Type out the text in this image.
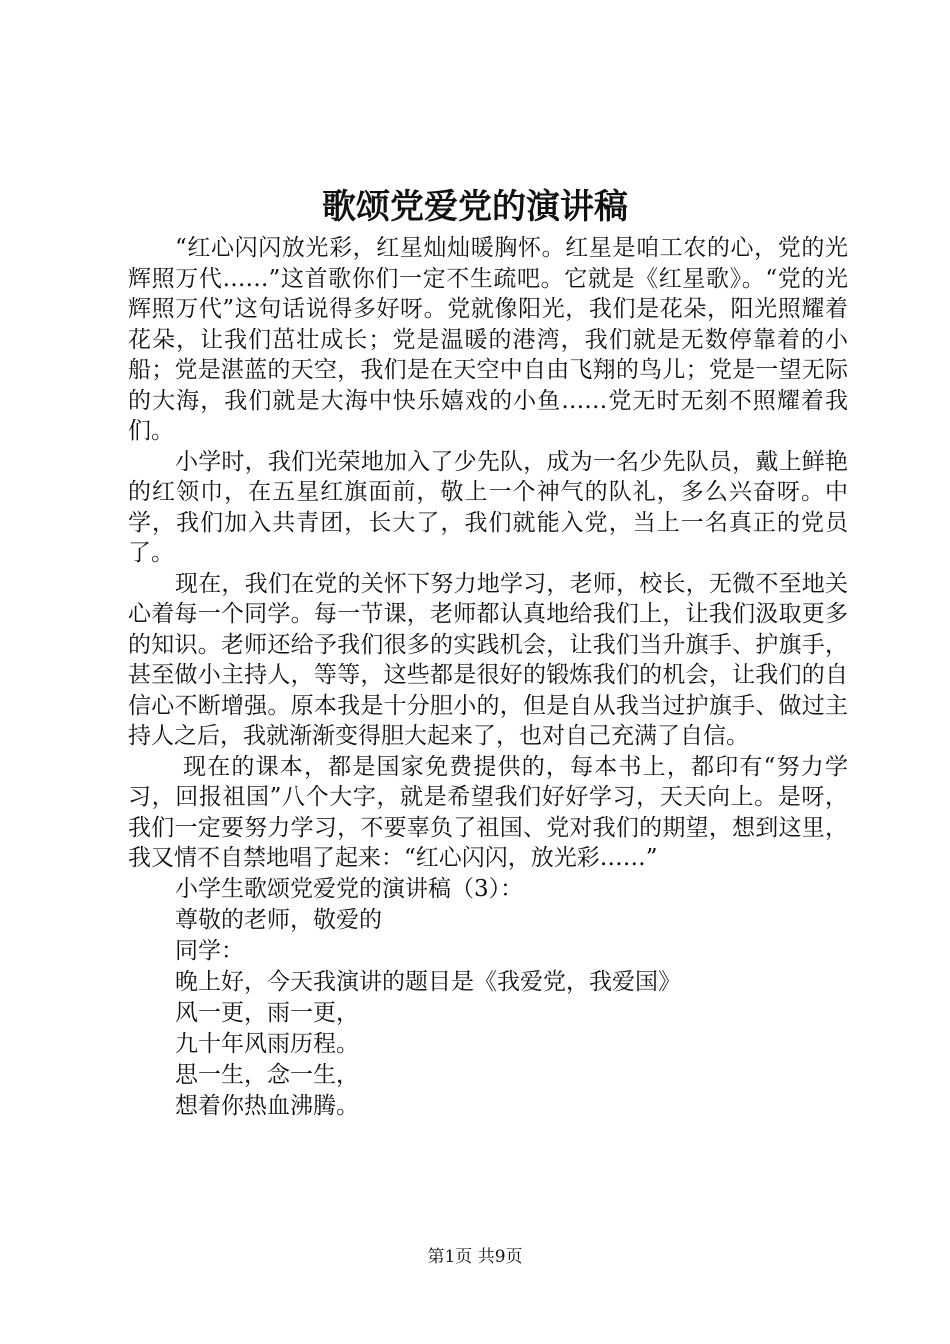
歌颂党爱党的演讲稿

“红心闪闪放光彩，红星灿灿暖胸怀。红星是咱工农的心，党的光辉照万代……”这首歌你们一定不生疏吧。它就是《红星歌》。“党的光辉照万代”这句话说得多好呀。党就像阳光，我们是花朵，阳光照耀着花朵，让我们茁壮成长；党是温暖的港湾，我们就是无数停靠着的小船；党是湛蓝的天空，我们是在天空中自由飞翔的鸟儿；党是一望无际的大海，我们就是大海中快乐嬉戏的小鱼……党无时无刻不照耀着我们。

小学时，我们光荣地加入了少先队，成为一名少先队员，戴上鲜艳的红领巾，在五星红旗面前，敬上一个神气的队礼，多么兴奋呀。中学，我们加入共青团，长大了，我们就能入党，当上一名真正的党员了。

现在，我们在党的关怀下努力地学习，老师，校长，无微不至地关心着每一个同学。每一节课，老师都认真地给我们上，让我们汲取更多的知识。老师还给予我们很多的实践机会，让我们当升旗手、护旗手，甚至做小主持人，等等，这些都是很好的锻炼我们的机会，让我们的自信心不断增强。原本我是十分胆小的，但是自从我当过护旗手、做过主持人之后，我就渐渐变得胆大起来了，也对自己充满了自信。

现在的课本，都是国家免费提供的，每本书上，都印有“努力学习，回报祖国”八个大字，就是希望我们好好学习，天天向上。是呀，我们一定要努力学习，不要辜负了祖国、党对我们的期望，想到这里，我又情不自禁地唱了起来：“红心闪闪，放光彩……”

小学生歌颂党爱党的演讲稿（3）：

尊敬的老师，敬爱的

同学：

晚上好，今天我演讲的题目是《我爱党，我爱国》

风一更，雨一更，

九十年风雨历程。

思一生，念一生，

想着你热血沸腾。

第1页 共9页
